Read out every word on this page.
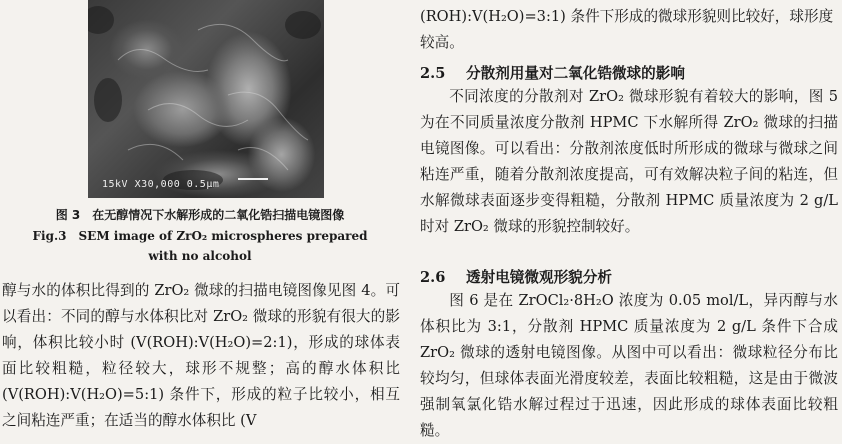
15kV X30,000 0.5µm
图 3　在无醇情况下水解形成的二氧化锆扫描电镜图像
Fig.3　SEM image of ZrO₂ microspheres prepared
with no alcohol
醇与水的体积比得到的 ZrO₂ 微球的扫描电镜图像见图 4。可以看出：不同的醇与水体积比对 ZrO₂ 微球的形貌有很大的影响，体积比较小时 (V(ROH):V(H₂O)=2:1)，形成的球体表面比较粗糙，粒径较大，球形不规整；高的醇水体积比 (V(ROH):V(H₂O)=5:1) 条件下，形成的粒子比较小，相互之间粘连严重；在适当的醇水体积比 (V
(ROH):V(H₂O)=3:1) 条件下形成的微球形貌则比较好，球形度较高。
2.5 分散剂用量对二氧化锆微球的影响
不同浓度的分散剂对 ZrO₂ 微球形貌有着较大的影响，图 5 为在不同质量浓度分散剂 HPMC 下水解所得 ZrO₂ 微球的扫描电镜图像。可以看出：分散剂浓度低时所形成的微球与微球之间粘连严重，随着分散剂浓度提高，可有效解决粒子间的粘连，但水解微球表面逐步变得粗糙，分散剂 HPMC 质量浓度为 2 g/L 时对 ZrO₂ 微球的形貌控制较好。
2.6 透射电镜微观形貌分析
图 6 是在 ZrOCl₂·8H₂O 浓度为 0.05 mol/L，异丙醇与水体积比为 3:1，分散剂 HPMC 质量浓度为 2 g/L 条件下合成 ZrO₂ 微球的透射电镜图像。从图中可以看出：微球粒径分布比较均匀，但球体表面光滑度较差，表面比较粗糙，这是由于微波强制氧氯化锆水解过程过于迅速，因此形成的球体表面比较粗糙。
